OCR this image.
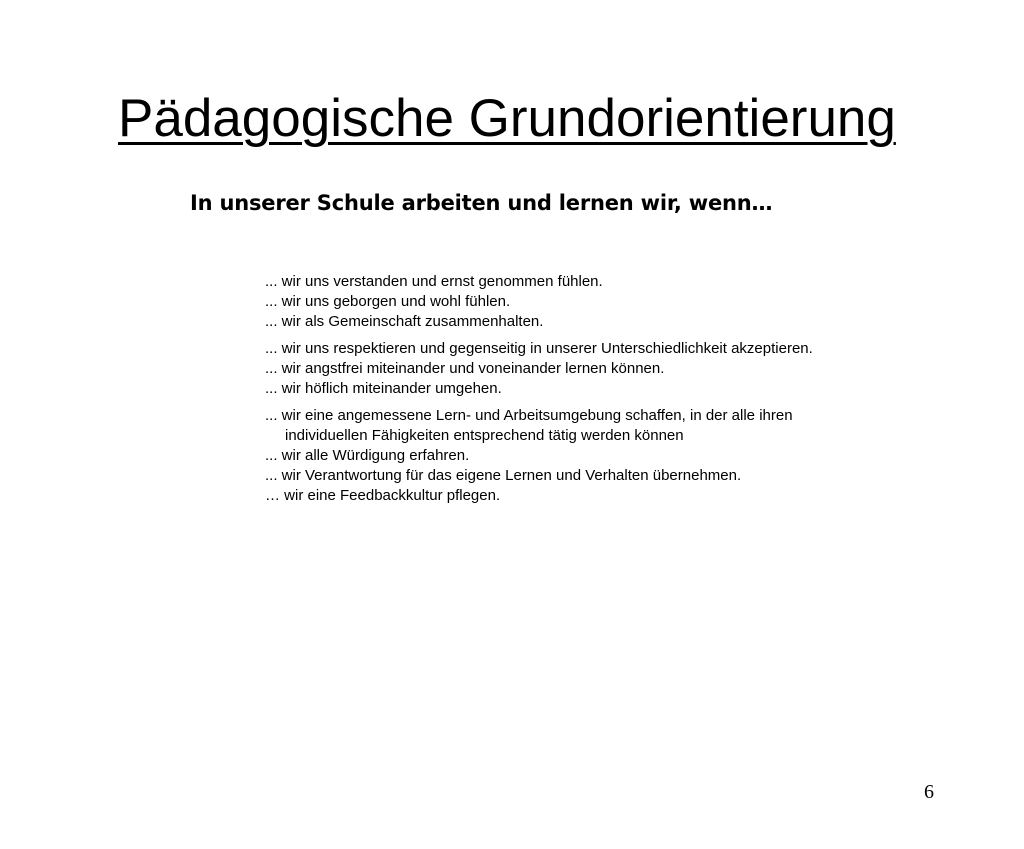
Pädagogische Grundorientierung
In unserer Schule arbeiten und lernen wir, wenn…
... wir uns verstanden und ernst genommen fühlen.
... wir uns geborgen und wohl fühlen.
... wir als Gemeinschaft zusammenhalten.
... wir uns respektieren und gegenseitig in unserer Unterschiedlichkeit akzeptieren.
... wir angstfrei miteinander und voneinander lernen können.
... wir höflich miteinander umgehen.
... wir eine angemessene Lern- und Arbeitsumgebung schaffen, in der alle ihren
individuellen Fähigkeiten entsprechend tätig werden können
... wir alle Würdigung erfahren.
... wir Verantwortung für das eigene Lernen und Verhalten übernehmen.
… wir eine Feedbackkultur pflegen.
6
